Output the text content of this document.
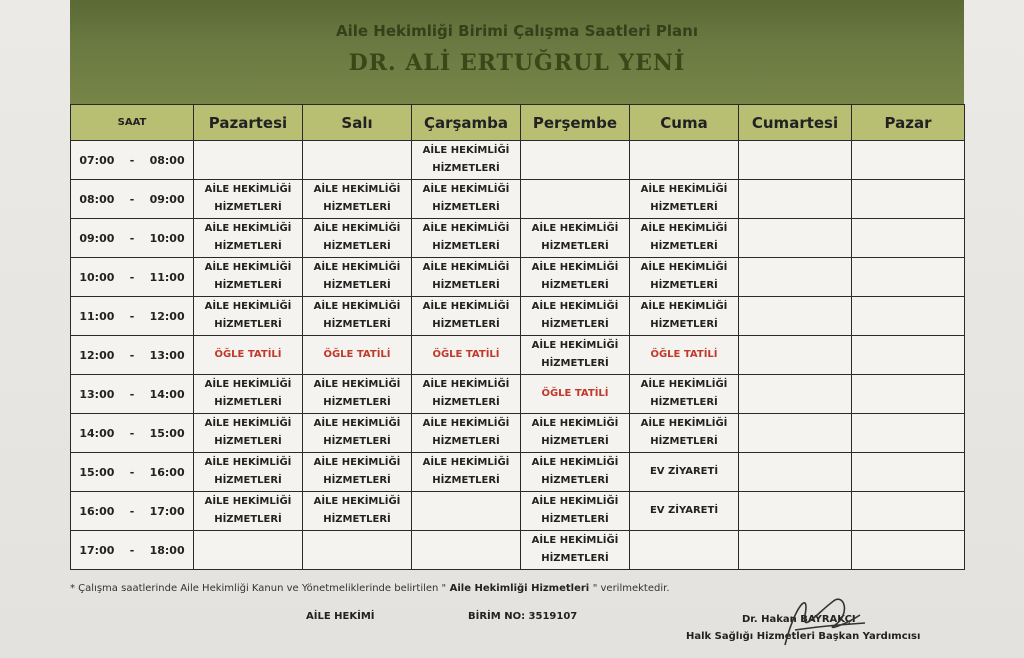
Aile Hekimliği Birimi Çalışma Saatleri Planı
DR. ALİ ERTUĞRUL YENİ
SAAT	Pazartesi	Salı	Çarşamba	Perşembe	Cuma	Cumartesi	Pazar
07:00    -    08:00			AİLE HEKİMLİĞİ
HİZMETLERİ				

08:00    -    09:00	AİLE HEKİMLİĞİ
HİZMETLERİ	AİLE HEKİMLİĞİ
HİZMETLERİ	AİLE HEKİMLİĞİ
HİZMETLERİ		AİLE HEKİMLİĞİ
HİZMETLERİ		

09:00    -    10:00	AİLE HEKİMLİĞİ
HİZMETLERİ	AİLE HEKİMLİĞİ
HİZMETLERİ	AİLE HEKİMLİĞİ
HİZMETLERİ	AİLE HEKİMLİĞİ
HİZMETLERİ	AİLE HEKİMLİĞİ
HİZMETLERİ		

10:00    -    11:00	AİLE HEKİMLİĞİ
HİZMETLERİ	AİLE HEKİMLİĞİ
HİZMETLERİ	AİLE HEKİMLİĞİ
HİZMETLERİ	AİLE HEKİMLİĞİ
HİZMETLERİ	AİLE HEKİMLİĞİ
HİZMETLERİ		

11:00    -    12:00	AİLE HEKİMLİĞİ
HİZMETLERİ	AİLE HEKİMLİĞİ
HİZMETLERİ	AİLE HEKİMLİĞİ
HİZMETLERİ	AİLE HEKİMLİĞİ
HİZMETLERİ	AİLE HEKİMLİĞİ
HİZMETLERİ		

12:00    -    13:00	ÖĞLE TATİLİ	ÖĞLE TATİLİ	ÖĞLE TATİLİ	AİLE HEKİMLİĞİ
HİZMETLERİ	ÖĞLE TATİLİ		

13:00    -    14:00	AİLE HEKİMLİĞİ
HİZMETLERİ	AİLE HEKİMLİĞİ
HİZMETLERİ	AİLE HEKİMLİĞİ
HİZMETLERİ	ÖĞLE TATİLİ	AİLE HEKİMLİĞİ
HİZMETLERİ		

14:00    -    15:00	AİLE HEKİMLİĞİ
HİZMETLERİ	AİLE HEKİMLİĞİ
HİZMETLERİ	AİLE HEKİMLİĞİ
HİZMETLERİ	AİLE HEKİMLİĞİ
HİZMETLERİ	AİLE HEKİMLİĞİ
HİZMETLERİ		

15:00    -    16:00	AİLE HEKİMLİĞİ
HİZMETLERİ	AİLE HEKİMLİĞİ
HİZMETLERİ	AİLE HEKİMLİĞİ
HİZMETLERİ	AİLE HEKİMLİĞİ
HİZMETLERİ	EV ZİYARETİ		

16:00    -    17:00	AİLE HEKİMLİĞİ
HİZMETLERİ	AİLE HEKİMLİĞİ
HİZMETLERİ		AİLE HEKİMLİĞİ
HİZMETLERİ	EV ZİYARETİ		

17:00    -    18:00				AİLE HEKİMLİĞİ
HİZMETLERİ			

* Çalışma saatlerinde Aile Hekimliği Kanun ve Yönetmeliklerinde belirtilen " Aile Hekimliği Hizmetleri " verilmektedir.
AİLE HEKİMİ	BİRİM NO: 3519107	Dr. Hakan BAYRAKÇI
Halk Sağlığı Hizmetleri Başkan Yardımcısı
